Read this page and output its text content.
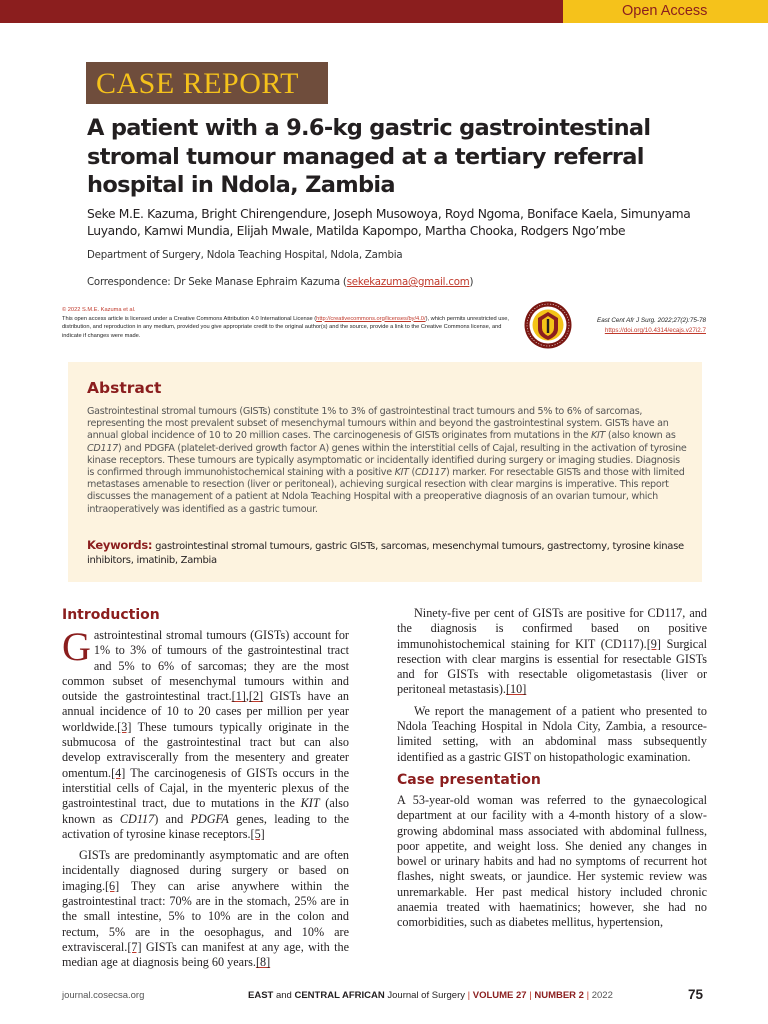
Open Access
CASE REPORT
A patient with a 9.6-kg gastric gastrointestinal stromal tumour managed at a tertiary referral hospital in Ndola, Zambia
Seke M.E. Kazuma, Bright Chirengendure, Joseph Musowoya, Royd Ngoma, Boniface Kaela, Simunyama Luyando, Kamwi Mundia, Elijah Mwale, Matilda Kapompo, Martha Chooka, Rodgers Ngo’mbe
Department of Surgery, Ndola Teaching Hospital, Ndola, Zambia
Correspondence: Dr Seke Manase Ephraim Kazuma (sekekazuma@gmail.com)
© 2022 S.M.E. Kazuma et al.
This open access article is licensed under a Creative Commons Attribution 4.0 International License (http://creativecommons.org/licenses/by/4.0/), which permits unrestricted use, distribution, and reproduction in any medium, provided you give appropriate credit to the original author(s) and the source, provide a link to the Creative Commons license, and indicate if changes were made.
East Cent Afr J Surg. 2022;27(2):75-78
https://doi.org/10.4314/ecajs.v27i2.7
Abstract
Gastrointestinal stromal tumours (GISTs) constitute 1% to 3% of gastrointestinal tract tumours and 5% to 6% of sarcomas, representing the most prevalent subset of mesenchymal tumours within and beyond the gastrointestinal system. GISTs have an annual global incidence of 10 to 20 million cases. The carcinogenesis of GISTs originates from mutations in the KIT (also known as CD117) and PDGFA (platelet-derived growth factor A) genes within the interstitial cells of Cajal, resulting in the activation of tyrosine kinase receptors. These tumours are typically asymptomatic or incidentally identified during surgery or imaging studies. Diagnosis is confirmed through immunohistochemical staining with a positive KIT (CD117) marker. For resectable GISTs and those with limited metastases amenable to resection (liver or peritoneal), achieving surgical resection with clear margins is imperative. This report discusses the management of a patient at Ndola Teaching Hospital with a preoperative diagnosis of an ovarian tumour, which intraoperatively was identified as a gastric tumour.
Keywords: gastrointestinal stromal tumours, gastric GISTs, sarcomas, mesenchymal tumours, gastrectomy, tyrosine kinase inhibitors, imatinib, Zambia
Introduction

Gastrointestinal stromal tumours (GISTs) account for 1% to 3% of tumours of the gastrointestinal tract and 5% to 6% of sarcomas; they are the most common subset of mesenchymal tumours within and outside the gastrointestinal tract.[1],[2] GISTs have an annual incidence of 10 to 20 cases per million per year worldwide.[3] These tumours typically originate in the submucosa of the gastrointestinal tract but can also develop extraviscerally from the mesentery and greater omentum.[4] The carcinogenesis of GISTs occurs in the interstitial cells of Cajal, in the myenteric plexus of the gastrointestinal tract, due to mutations in the KIT (also known as CD117) and PDGFA genes, leading to the activation of tyrosine kinase receptors.[5]

GISTs are predominantly asymptomatic and are often incidentally diagnosed during surgery or based on imaging.[6] They can arise anywhere within the gastrointestinal tract: 70% are in the stomach, 25% are in the small intestine, 5% to 10% are in the colon and rectum, 5% are in the oesophagus, and 10% are extravisceral.[7] GISTs can manifest at any age, with the median age at diagnosis being 60 years.[8]

Ninety-five per cent of GISTs are positive for CD117, and the diagnosis is confirmed based on positive immunohistochemical staining for KIT (CD117).[9] Surgical resection with clear margins is essential for resectable GISTs and for GISTs with resectable oligometastasis (liver or peritoneal metastasis).[10]

We report the management of a patient who presented to Ndola Teaching Hospital in Ndola City, Zambia, a resource-limited setting, with an abdominal mass subsequently identified as a gastric GIST on histopathologic examination.

Case presentation

A 53-year-old woman was referred to the gynaecological department at our facility with a 4-month history of a slow-growing abdominal mass associated with abdominal fullness, poor appetite, and weight loss. She denied any changes in bowel or urinary habits and had no symptoms of recurrent hot flashes, night sweats, or jaundice. Her systemic review was unremarkable. Her past medical history included chronic anaemia treated with haematinics; however, she had no comorbidities, such as diabetes mellitus, hypertension,

journal.cosecsa.org	EAST and CENTRAL AFRICAN Journal of Surgery | VOLUME 27 | NUMBER 2 | 2022	75
